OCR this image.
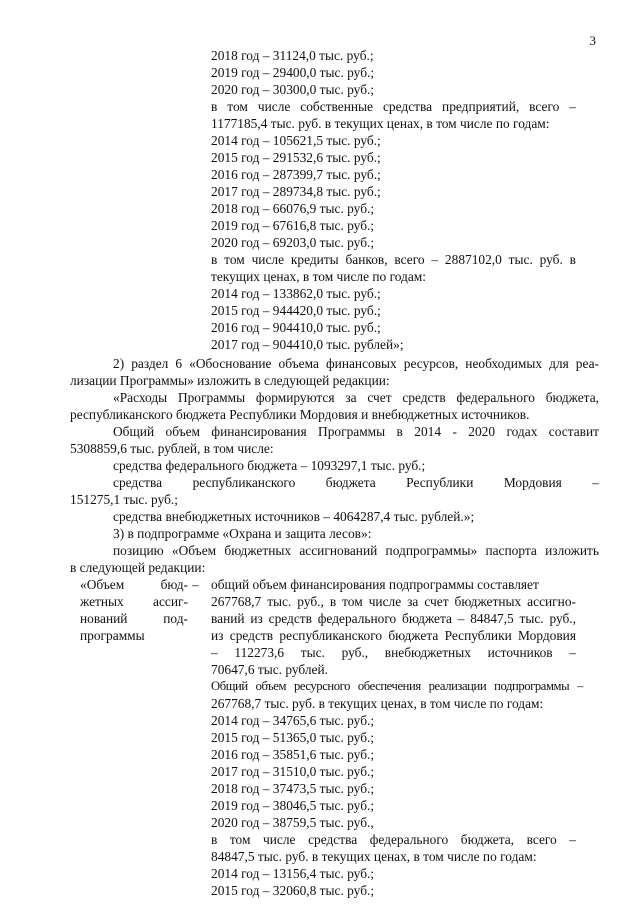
3
2018 год – 31124,0 тыс. руб.;
2019 год – 29400,0 тыс. руб.;
2020 год – 30300,0 тыс. руб.;
в том числе собственные средства предприятий, всего –
1177185,4 тыс. руб. в текущих ценах, в том числе по годам:
2014 год – 105621,5 тыс. руб.;
2015 год – 291532,6 тыс. руб.;
2016 год – 287399,7 тыс. руб.;
2017 год – 289734,8 тыс. руб.;
2018 год – 66076,9 тыс. руб.;
2019 год – 67616,8 тыс. руб.;
2020 год – 69203,0 тыс. руб.;
в том числе кредиты банков, всего – 2887102,0 тыс. руб. в
текущих ценах, в том числе по годам:
2014 год – 133862,0 тыс. руб.;
2015 год – 944420,0 тыс. руб.;
2016 год – 904410,0 тыс. руб.;
2017 год – 904410,0 тыс. рублей»;
2) раздел 6 «Обоснование объема финансовых ресурсов, необходимых для реа-
лизации Программы» изложить в следующей редакции:
«Расходы Программы формируются за счет средств федерального бюджета,
республиканского бюджета Республики Мордовия и внебюджетных источников.
Общий объем финансирования Программы в 2014 - 2020 годах составит
5308859,6 тыс. рублей, в том числе:
средства федерального бюджета – 1093297,1 тыс. руб.;
средства республиканского бюджета Республики Мордовия –
151275,1 тыс. руб.;
средства внебюджетных источников – 4064287,4 тыс. рублей.»;
3) в подпрограмме «Охрана и защита лесов»:
позицию «Объем бюджетных ассигнований подпрограммы» паспорта изложить
в следующей редакции:
«Объем бюд-
жетных ассиг-
нований под-
программы
– общий объем финансирования подпрограммы составляет
267768,7 тыс. руб., в том числе за счет бюджетных ассигно-
ваний из средств федерального бюджета – 84847,5 тыс. руб.,
из средств республиканского бюджета Республики Мордовия
– 112273,6 тыс. руб., внебюджетных источников –
70647,6 тыс. рублей.
Общий объем ресурсного обеспечения реализации подпрограммы –
267768,7 тыс. руб. в текущих ценах, в том числе по годам:
2014 год – 34765,6 тыс. руб.;
2015 год – 51365,0 тыс. руб.;
2016 год – 35851,6 тыс. руб.;
2017 год – 31510,0 тыс. руб.;
2018 год – 37473,5 тыс. руб.;
2019 год – 38046,5 тыс. руб.;
2020 год – 38759,5 тыс. руб.,
в том числе средства федерального бюджета, всего –
84847,5 тыс. руб. в текущих ценах, в том числе по годам:
2014 год – 13156,4 тыс. руб.;
2015 год – 32060,8 тыс. руб.;
